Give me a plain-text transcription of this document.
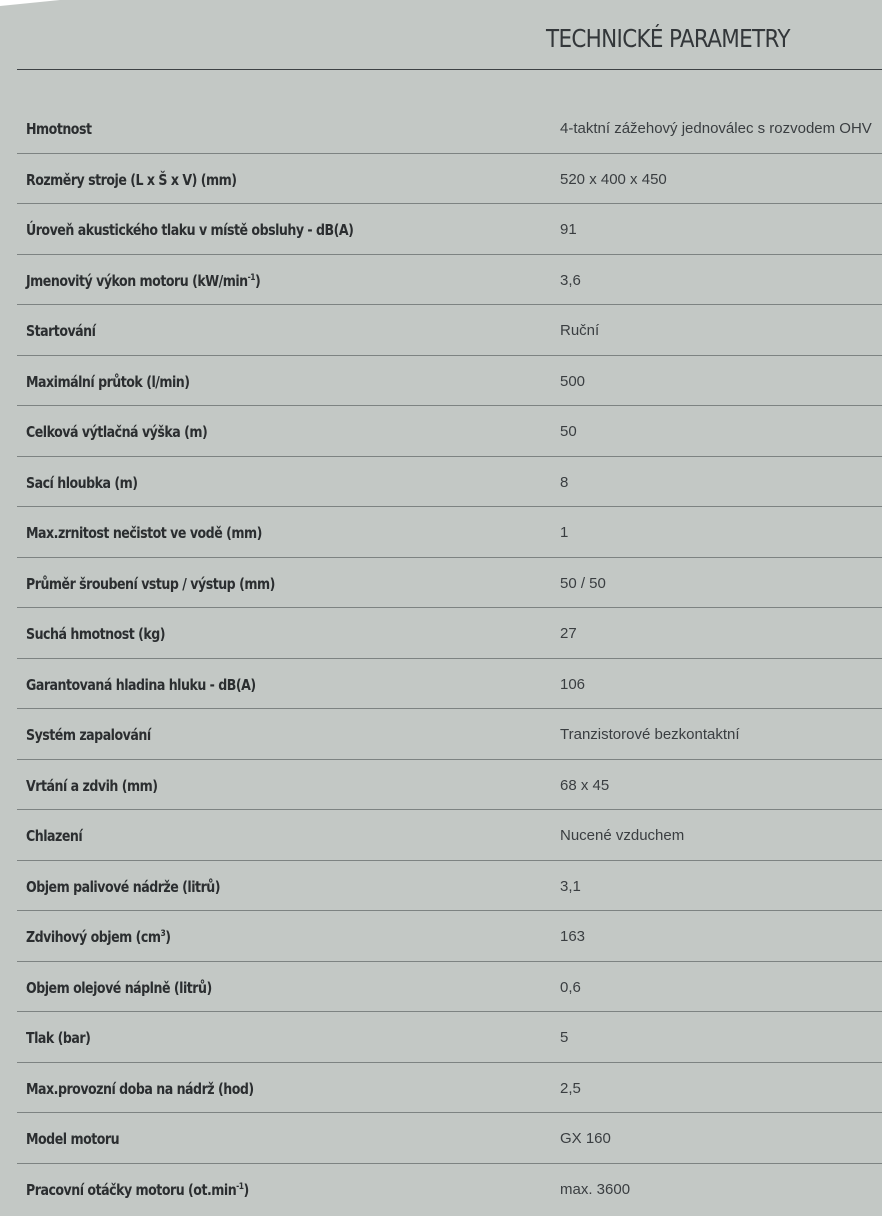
TECHNICKÉ PARAMETRY
Hmotnost	4-taktní zážehový jednoválec s rozvodem OHV
Rozměry stroje (L x Š x V) (mm)	520 x 400 x 450
Úroveň akustického tlaku v místě obsluhy - dB(A)	91
Jmenovitý výkon motoru $(kW/\min^{-1})$	3,6
Startování	Ruční
Maximální průtok (l/min)	500
Celková výtlačná výška (m)	50
Sací hloubka (m)	8
Max.zrnitost nečistot ve vodě (mm)	1
Průměr šroubení vstup / výstup (mm)	50 / 50
Suchá hmotnost (kg)	27
Garantovaná hladina hluku - dB(A)	106
Systém zapalování	Tranzistorové bezkontaktní
Vrtání a zdvih (mm)	68 x 45
Chlazení	Nucené vzduchem
Objem palivové nádrže (litrů)	3,1
Zdvihový objem $(cm^3)$	163
Objem olejové náplně (litrů)	0,6
Tlak (bar)	5
Max.provozní doba na nádrž (hod)	2,5
Model motoru	GX 160
Pracovní otáčky motoru $(ot.\min^{-1})$	max. 3600
